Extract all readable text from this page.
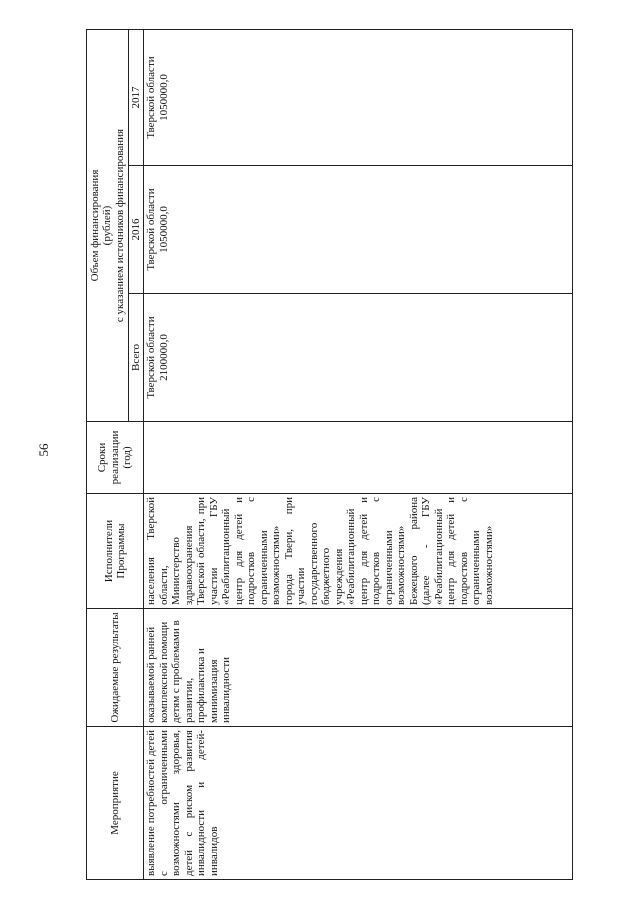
56
Мероприятие	Ожидаемые результаты	Исполнители Программы	Сроки реализации (год)	Объем финансирования (рублей) с указанием источников финансирования		

				Всего	2016	2017
выявление потребностей детей с ограниченными возможностями здоровья, детей с риском развития инвалидности и детей-инвалидов	оказываемой ранней комплексной помощи детям с проблемами в развитии, профилактика и минимизация инвалидности	населения Тверской области, Министерство здравоохранения Тверской области, при участии ГБУ «Реабилитационный центр для детей и подростков с ограниченными возможностями» города Твери, при участии государственного бюджетного учреждения «Реабилитационный центр для детей и подростков с ограниченными возможностями» Бежецкого района (далее - ГБУ «Реабилитационный центр для детей и подростков с ограниченными возможностями»		Тверской области 2100000,0	Тверской области 1050000,0	Тверской области 1050000,0
